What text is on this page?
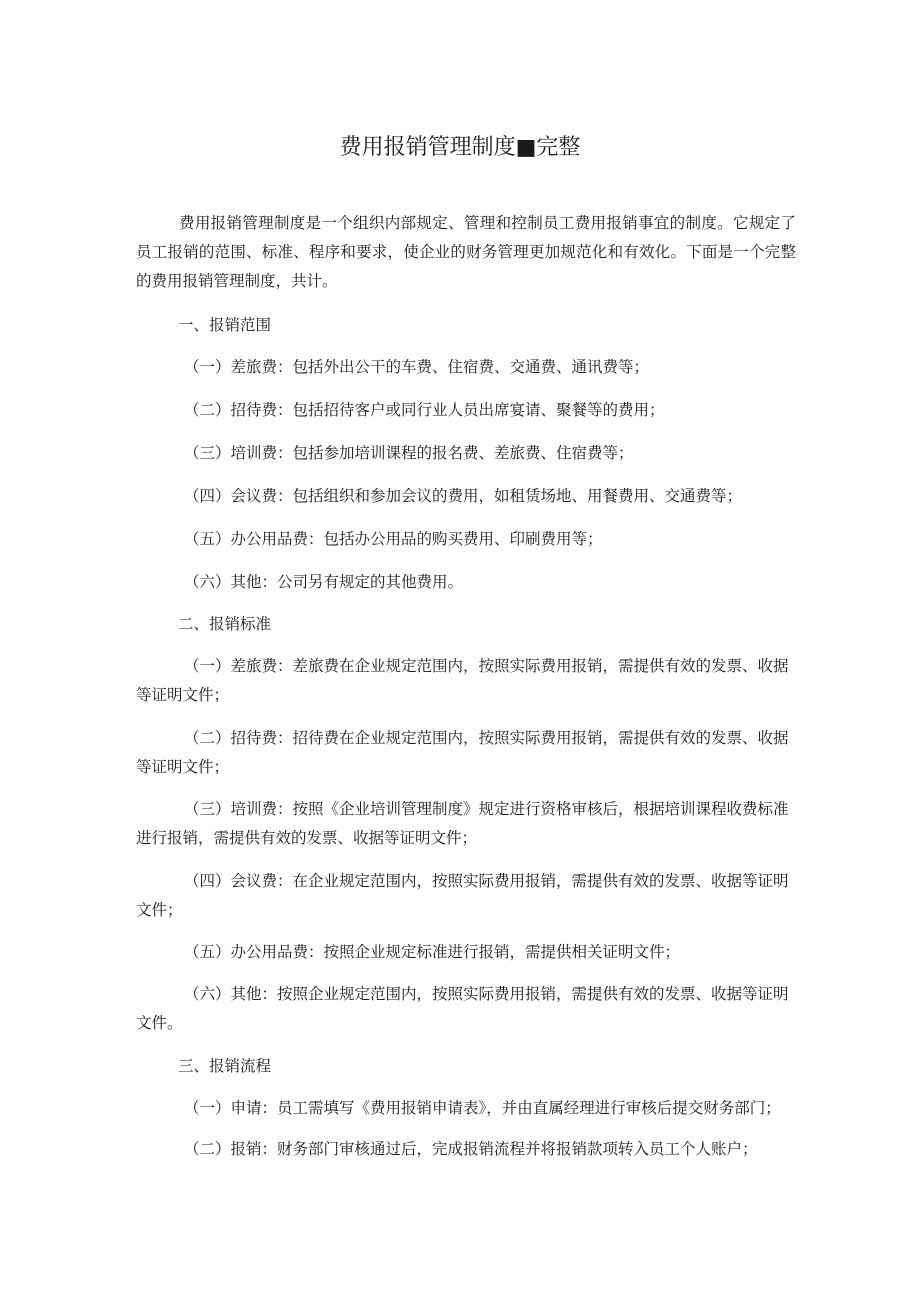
费用报销管理制度■完整

费用报销管理制度是一个组织内部规定、管理和控制员工费用报销事宜的制度。它规定了员工报销的范围、标准、程序和要求，使企业的财务管理更加规范化和有效化。下面是一个完整的费用报销管理制度，共计。

一、报销范围

（一）差旅费：包括外出公干的车费、住宿费、交通费、通讯费等；

（二）招待费：包括招待客户或同行业人员出席宴请、聚餐等的费用；

（三）培训费：包括参加培训课程的报名费、差旅费、住宿费等；

（四）会议费：包括组织和参加会议的费用，如租赁场地、用餐费用、交通费等；

（五）办公用品费：包括办公用品的购买费用、印刷费用等；

（六）其他：公司另有规定的其他费用。

二、报销标准

（一）差旅费：差旅费在企业规定范围内，按照实际费用报销，需提供有效的发票、收据等证明文件；

（二）招待费：招待费在企业规定范围内，按照实际费用报销，需提供有效的发票、收据等证明文件；

（三）培训费：按照《企业培训管理制度》规定进行资格审核后，根据培训课程收费标准进行报销，需提供有效的发票、收据等证明文件；

（四）会议费：在企业规定范围内，按照实际费用报销，需提供有效的发票、收据等证明文件；

（五）办公用品费：按照企业规定标准进行报销，需提供相关证明文件；

（六）其他：按照企业规定范围内，按照实际费用报销，需提供有效的发票、收据等证明文件。

三、报销流程

（一）申请：员工需填写《费用报销申请表》，并由直属经理进行审核后提交财务部门；

（二）报销：财务部门审核通过后，完成报销流程并将报销款项转入员工个人账户；
